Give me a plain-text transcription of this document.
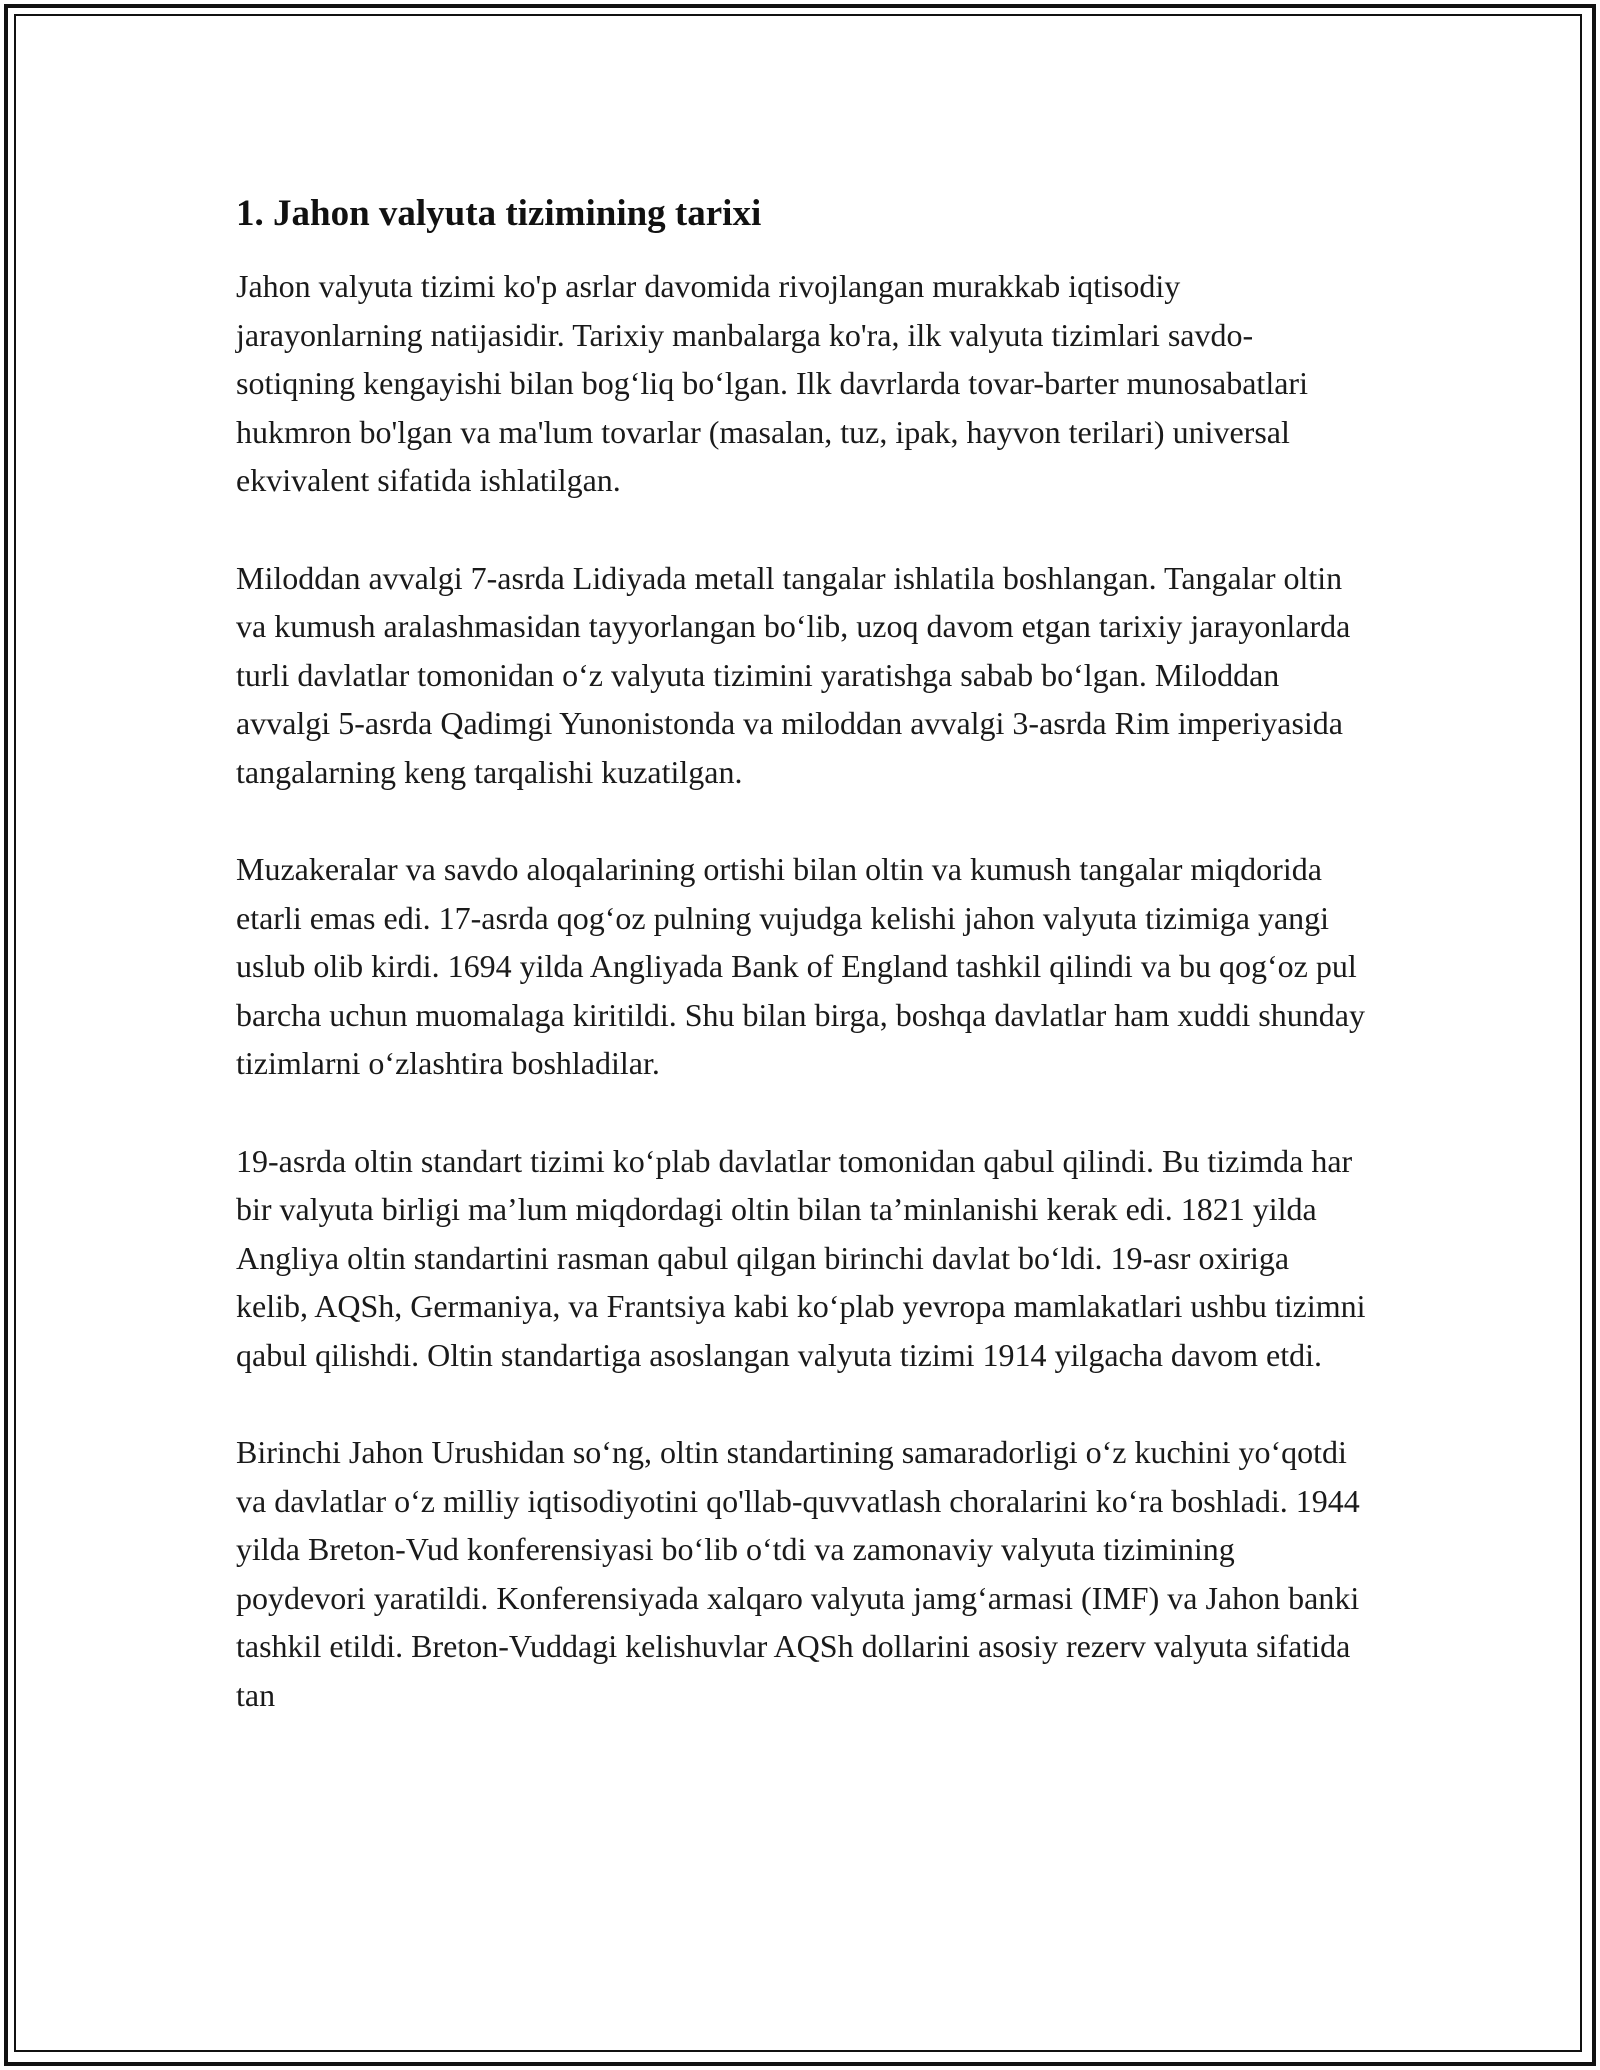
1. Jahon valyuta tizimining tarixi

Jahon valyuta tizimi ko'p asrlar davomida rivojlangan murakkab iqtisodiy jarayonlarning natijasidir. Tarixiy manbalarga ko'ra, ilk valyuta tizimlari savdo-sotiqning kengayishi bilan bog‘liq bo‘lgan. Ilk davrlarda tovar-barter munosabatlari hukmron bo'lgan va ma'lum tovarlar (masalan, tuz, ipak, hayvon terilari) universal ekvivalent sifatida ishlatilgan.

Miloddan avvalgi 7-asrda Lidiyada metall tangalar ishlatila boshlangan. Tangalar oltin va kumush aralashmasidan tayyorlangan bo‘lib, uzoq davom etgan tarixiy jarayonlarda turli davlatlar tomonidan o‘z valyuta tizimini yaratishga sabab bo‘lgan. Miloddan avvalgi 5-asrda Qadimgi Yunonistonda va miloddan avvalgi 3-asrda Rim imperiyasida tangalarning keng tarqalishi kuzatilgan.

Muzakeralar va savdo aloqalarining ortishi bilan oltin va kumush tangalar miqdorida etarli emas edi. 17-asrda qog‘oz pulning vujudga kelishi jahon valyuta tizimiga yangi uslub olib kirdi. 1694 yilda Angliyada Bank of England tashkil qilindi va bu qog‘oz pul barcha uchun muomalaga kiritildi. Shu bilan birga, boshqa davlatlar ham xuddi shunday tizimlarni o‘zlashtira boshladilar.

19-asrda oltin standart tizimi ko‘plab davlatlar tomonidan qabul qilindi. Bu tizimda har bir valyuta birligi ma’lum miqdordagi oltin bilan ta’minlanishi kerak edi. 1821 yilda Angliya oltin standartini rasman qabul qilgan birinchi davlat bo‘ldi. 19-asr oxiriga kelib, AQSh, Germaniya, va Frantsiya kabi ko‘plab yevropa mamlakatlari ushbu tizimni qabul qilishdi. Oltin standartiga asoslangan valyuta tizimi 1914 yilgacha davom etdi.

Birinchi Jahon Urushidan so‘ng, oltin standartining samaradorligi o‘z kuchini yo‘qotdi va davlatlar o‘z milliy iqtisodiyotini qo'llab-quvvatlash choralarini ko‘ra boshladi. 1944 yilda Breton-Vud konferensiyasi bo‘lib o‘tdi va zamonaviy valyuta tizimining poydevori yaratildi. Konferensiyada xalqaro valyuta jamg‘armasi (IMF) va Jahon banki tashkil etildi. Breton-Vuddagi kelishuvlar AQSh dollarini asosiy rezerv valyuta sifatida tan
